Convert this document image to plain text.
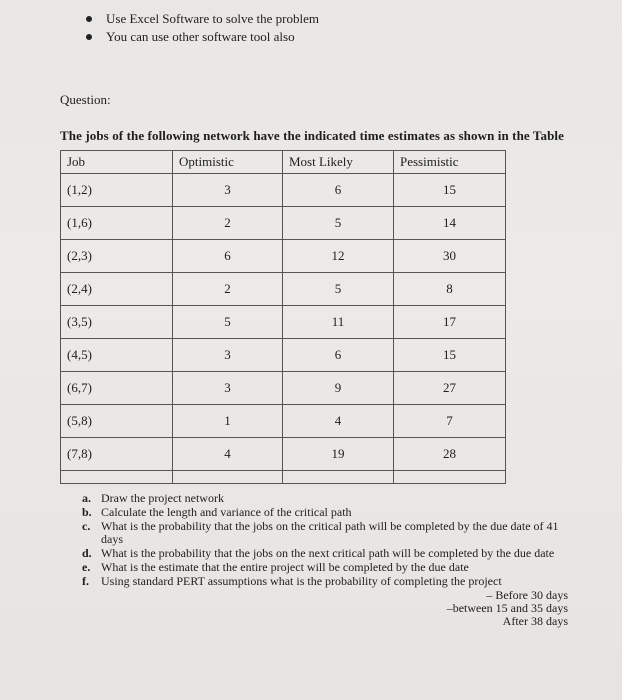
Use Excel Software to solve the problem
You can use other software tool also
Question:
The jobs of the following network have the indicated time estimates as shown in the Table
Job	Optimistic	Most Likely	Pessimistic
(1,2)	3	6	15
(1,6)	2	5	14
(2,3)	6	12	30
(2,4)	2	5	8
(3,5)	5	11	17
(4,5)	3	6	15
(6,7)	3	9	27
(5,8)	1	4	7
(7,8)	4	19	28

a. Draw the project network
b. Calculate the length and variance of the critical path
c. What is the probability that the jobs on the critical path will be completed by the due date of 41 days
d. What is the probability that the jobs on the next critical path will be completed by the due date
e. What is the estimate that the entire project will be completed by the due date
f.	Using standard PERT assumptions what is the probability of completing the project
– Before 30 days
–between 15 and 35 days
After 38 days
